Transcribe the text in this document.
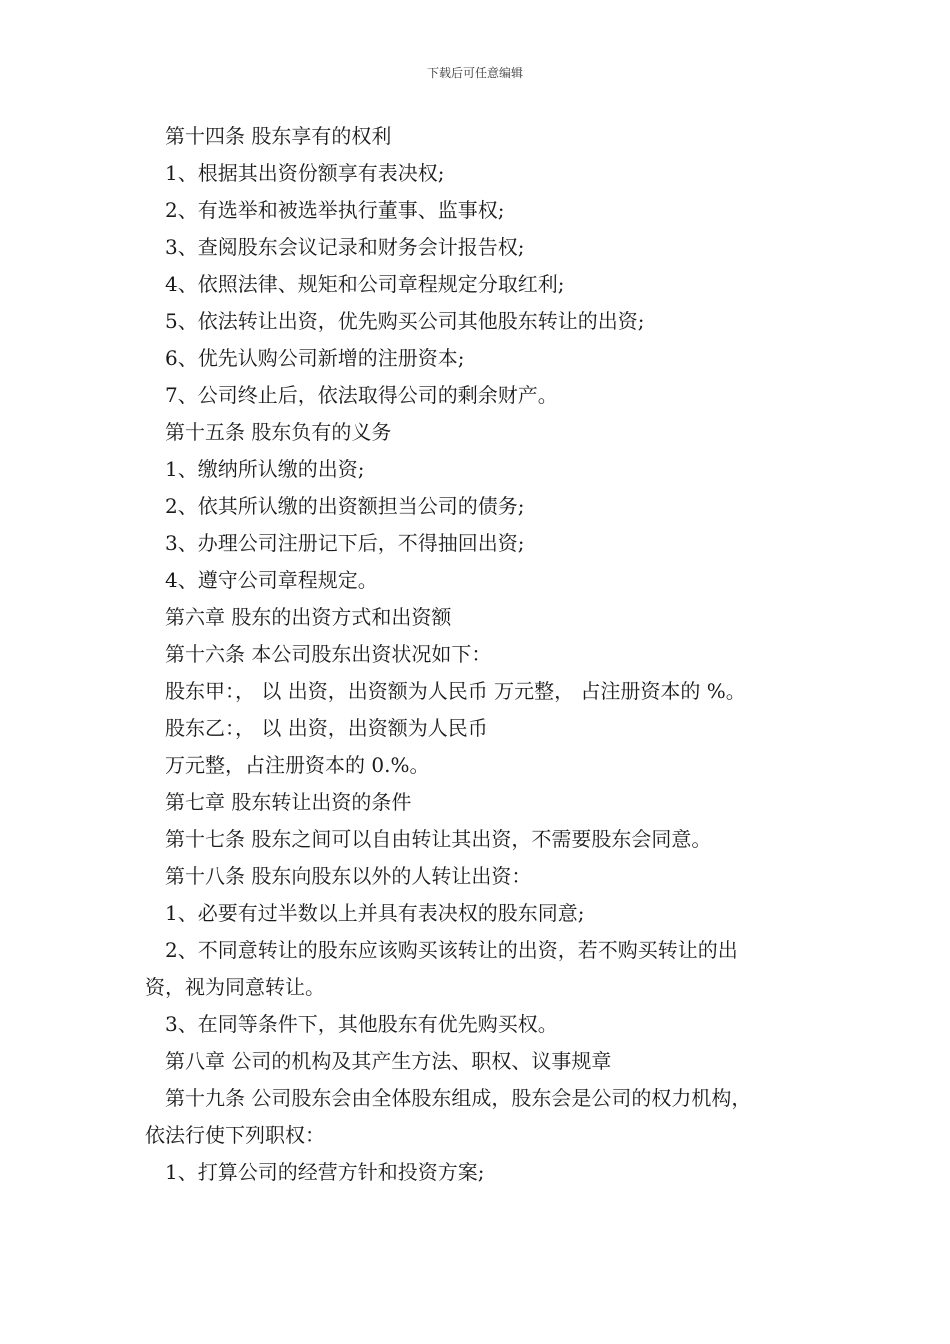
下载后可任意编辑
第十四条 股东享有的权利
1、根据其出资份额享有表决权;
2、有选举和被选举执行董事、监事权;
3、查阅股东会议记录和财务会计报告权;
4、依照法律、规矩和公司章程规定分取红利;
5、依法转让出资，优先购买公司其他股东转让的出资;
6、优先认购公司新增的注册资本;
7、公司终止后，依法取得公司的剩余财产。
第十五条 股东负有的义务
1、缴纳所认缴的出资;
2、依其所认缴的出资额担当公司的债务;
3、办理公司注册记下后，不得抽回出资;
4、遵守公司章程规定。
第六章 股东的出资方式和出资额
第十六条 本公司股东出资状况如下：
股东甲：， 以 出资，出资额为人民币 万元整， 占注册资本的 %。
股东乙：， 以 出资，出资额为人民币
万元整，占注册资本的 0.%。
第七章 股东转让出资的条件
第十七条 股东之间可以自由转让其出资，不需要股东会同意。
第十八条 股东向股东以外的人转让出资：
1、必要有过半数以上并具有表决权的股东同意;
2、不同意转让的股东应该购买该转让的出资，若不购买转让的出
资，视为同意转让。
3、在同等条件下，其他股东有优先购买权。
第八章 公司的机构及其产生方法、职权、议事规章
第十九条 公司股东会由全体股东组成，股东会是公司的权力机构，
依法行使下列职权：
1、打算公司的经营方针和投资方案;
